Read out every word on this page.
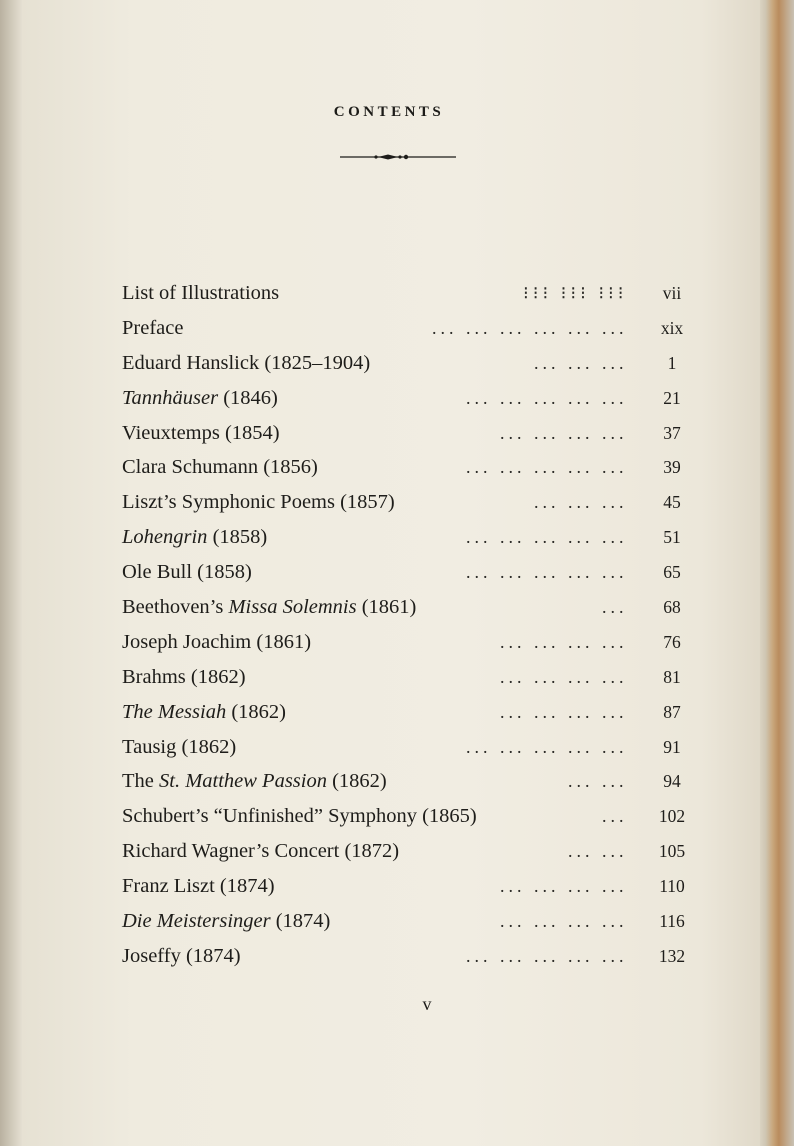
CONTENTS
List of Illustrations	⁝⁝⁝ ⁝⁝⁝ ⁝⁝⁝	vii
Preface	... ... ... ... ... ...	xix
Eduard Hanslick (1825–1904)	... ... ...	1
Tannhäuser (1846)	... ... ... ... ...	21
Vieuxtemps (1854)	... ... ... ...	37
Clara Schumann (1856)	... ... ... ... ...	39
Liszt’s Symphonic Poems (1857)	... ... ...	45
Lohengrin (1858)	... ... ... ... ...	51
Ole Bull (1858)	... ... ... ... ...	65
Beethoven’s Missa Solemnis (1861)	...	68
Joseph Joachim (1861)	... ... ... ...	76
Brahms (1862)	... ... ... ...	81
The Messiah (1862)	... ... ... ...	87
Tausig (1862)	... ... ... ... ...	91
The St. Matthew Passion (1862)	... ...	94
Schubert’s “Unfinished” Symphony (1865)	...	102
Richard Wagner’s Concert (1872)	... ...	105
Franz Liszt (1874)	... ... ... ...	110
Die Meistersinger (1874)	... ... ... ...	116
Joseffy (1874)	... ... ... ... ...	132
v
